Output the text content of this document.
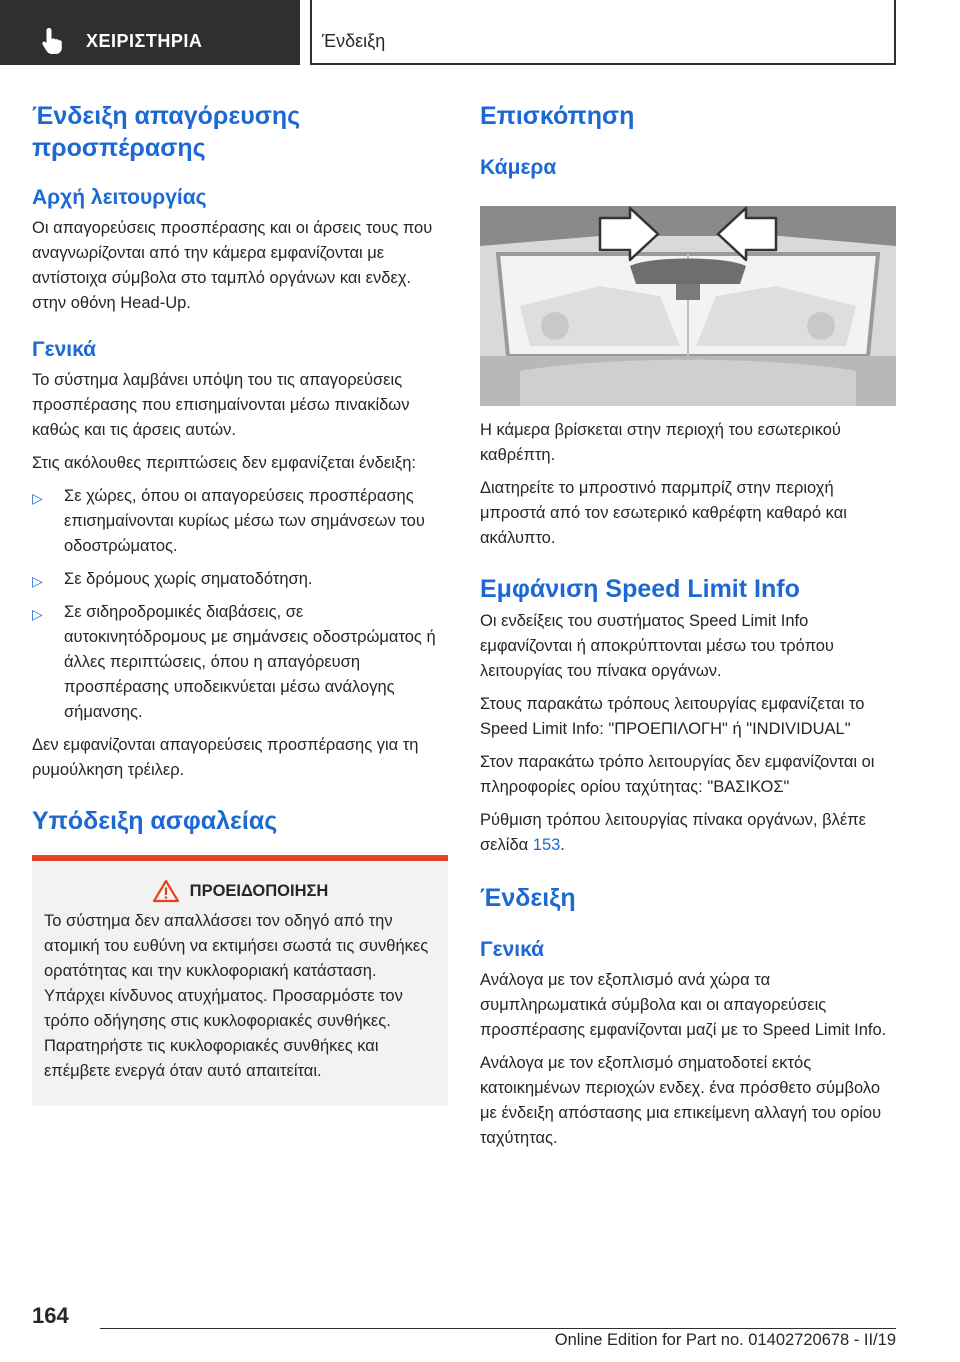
ΧΕΙΡΙΣΤΗΡΙΑ	Ένδειξη
Ένδειξη απαγόρευσης προσπέρασης
Αρχή λειτουργίας
Οι απαγορεύσεις προσπέρασης και οι άρσεις τους που αναγνωρίζονται από την κάμερα εμφανίζονται με αντίστοιχα σύμβολα στο ταμπλό οργάνων και ενδεχ. στην οθόνη Head-Up.
Γενικά
Το σύστημα λαμβάνει υπόψη του τις απαγορεύσεις προσπέρασης που επισημαίνονται μέσω πινακίδων καθώς και τις άρσεις αυτών.
Στις ακόλουθες περιπτώσεις δεν εμφανίζεται ένδειξη:
▷ Σε χώρες, όπου οι απαγορεύσεις προσπέρασης επισημαίνονται κυρίως μέσω των σημάνσεων του οδοστρώματος.
▷ Σε δρόμους χωρίς σηματοδότηση.
▷ Σε σιδηροδρομικές διαβάσεις, σε αυτοκινητόδρομους με σημάνσεις οδοστρώματος ή άλλες περιπτώσεις, όπου η απαγόρευση προσπέρασης υποδεικνύεται μέσω ανάλογης σήμανσης.
Δεν εμφανίζονται απαγορεύσεις προσπέρασης για τη ρυμούλκηση τρέιλερ.
Υπόδειξη ασφαλείας
ΠΡΟΕΙΔΟΠΟΙΗΣΗ
Το σύστημα δεν απαλλάσσει τον οδηγό από την ατομική του ευθύνη να εκτιμήσει σωστά τις συνθήκες ορατότητας και την κυκλοφοριακή κατάσταση. Υπάρχει κίνδυνος ατυχήματος. Προσαρμόστε τον τρόπο οδήγησης στις κυκλοφοριακές συνθήκες. Παρατηρήστε τις κυκλοφοριακές συνθήκες και επέμβετε ενεργά όταν αυτό απαιτείται.
Επισκόπηση
Κάμερα
Η κάμερα βρίσκεται στην περιοχή του εσωτερικού καθρέπτη.
Διατηρείτε το μπροστινό παρμπρίζ στην περιοχή μπροστά από τον εσωτερικό καθρέφτη καθαρό και ακάλυπτο.
Εμφάνιση Speed Limit Info
Οι ενδείξεις του συστήματος Speed Limit Info εμφανίζονται ή αποκρύπτονται μέσω του τρόπου λειτουργίας του πίνακα οργάνων.
Στους παρακάτω τρόπους λειτουργίας εμφανίζεται το Speed Limit Info: "ΠΡΟΕΠΙΛΟΓΗ" ή "INDIVIDUAL"
Στον παρακάτω τρόπο λειτουργίας δεν εμφανίζονται οι πληροφορίες ορίου ταχύτητας: "ΒΑΣΙΚΟΣ"
Ρύθμιση τρόπου λειτουργίας πίνακα οργάνων, βλέπε σελίδα 153.
Ένδειξη
Γενικά
Ανάλογα με τον εξοπλισμό ανά χώρα τα συμπληρωματικά σύμβολα και οι απαγορεύσεις προσπέρασης εμφανίζονται μαζί με το Speed Limit Info.
Ανάλογα με τον εξοπλισμό σηματοδοτεί εκτός κατοικημένων περιοχών ενδεχ. ένα πρόσθετο σύμβολο με ένδειξη απόστασης μια επικείμενη αλλαγή του ορίου ταχύτητας.
164
Online Edition for Part no. 01402720678 - II/19
